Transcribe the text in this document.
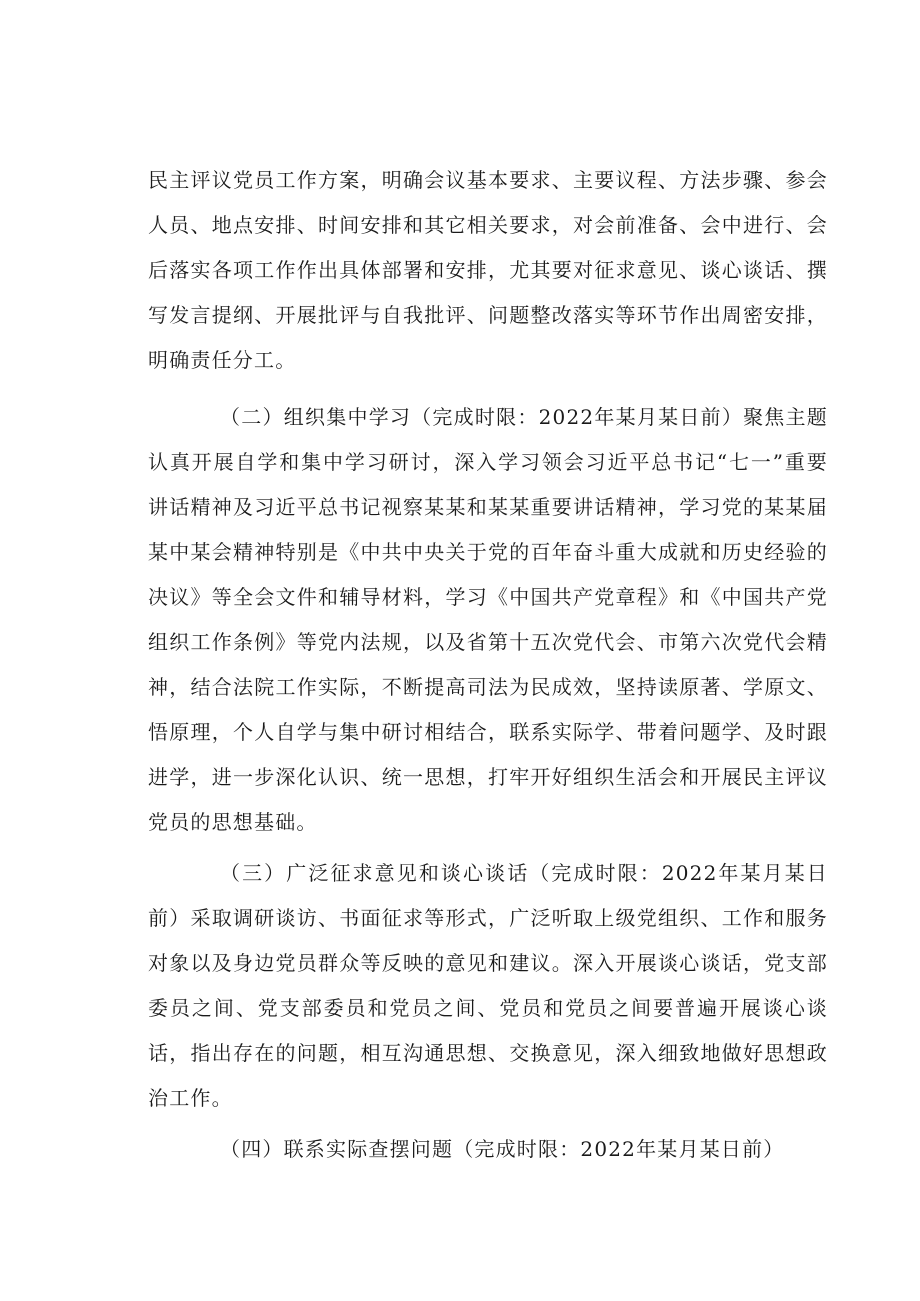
民主评议党员工作方案，明确会议基本要求、主要议程、方法步骤、参会人员、地点安排、时间安排和其它相关要求，对会前准备、会中进行、会后落实各项工作作出具体部署和安排，尤其要对征求意见、谈心谈话、撰写发言提纲、开展批评与自我批评、问题整改落实等环节作出周密安排，明确责任分工。

（二）组织集中学习（完成时限：2022年某月某日前）聚焦主题认真开展自学和集中学习研讨，深入学习领会习近平总书记“七一”重要讲话精神及习近平总书记视察某某和某某重要讲话精神，学习党的某某届某中某会精神特别是《中共中央关于党的百年奋斗重大成就和历史经验的决议》等全会文件和辅导材料，学习《中国共产党章程》和《中国共产党组织工作条例》等党内法规，以及省第十五次党代会、市第六次党代会精神，结合法院工作实际，不断提高司法为民成效，坚持读原著、学原文、悟原理，个人自学与集中研讨相结合，联系实际学、带着问题学、及时跟进学，进一步深化认识、统一思想，打牢开好组织生活会和开展民主评议党员的思想基础。

（三）广泛征求意见和谈心谈话（完成时限：2022年某月某日前）采取调研谈访、书面征求等形式，广泛听取上级党组织、工作和服务对象以及身边党员群众等反映的意见和建议。深入开展谈心谈话，党支部委员之间、党支部委员和党员之间、党员和党员之间要普遍开展谈心谈话，指出存在的问题，相互沟通思想、交换意见，深入细致地做好思想政治工作。

（四）联系实际查摆问题（完成时限：2022年某月某日前）
